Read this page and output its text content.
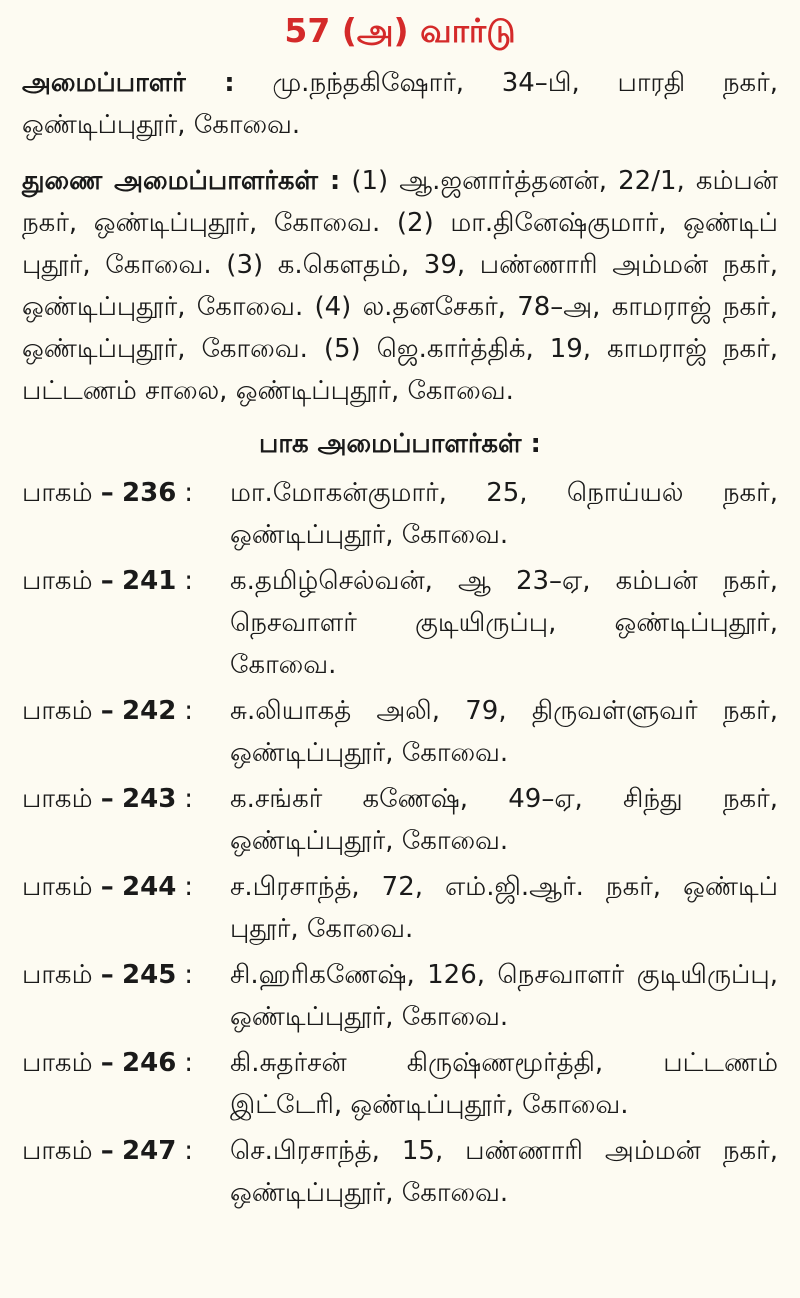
57 (அ) வார்டு

அமைப்பாளர் : மு.நந்தகிஷோர், 34–பி, பாரதி நகர், ஒண்டிப்புதூர், கோவை.

துணை அமைப்பாளர்கள் : (1) ஆ.ஜனார்த்தனன், 22/1, கம்பன் நகர், ஒண்டிப்புதூர், கோவை. (2) மா.தினேஷ்குமார், ஒண்டிப் புதூர், கோவை. (3) க.கௌதம், 39, பண்ணாரி அம்மன் நகர், ஒண்டிப்புதூர், கோவை. (4) ல.தனசேகர், 78–அ, காமராஜ் நகர், ஒண்டிப்புதூர், கோவை. (5) ஜெ.கார்த்திக், 19, காமராஜ் நகர், பட்டணம் சாலை, ஒண்டிப்புதூர், கோவை.

பாக அமைப்பாளர்கள் :
பாகம் – 236 :	மா.மோகன்குமார், 25, நொய்யல் நகர், ஒண்டிப்புதூர், கோவை.
பாகம் – 241 :	க.தமிழ்செல்வன், ஆ 23–ஏ, கம்பன் நகர், நெசவாளர் குடியிருப்பு, ஒண்டிப்புதூர், கோவை.
பாகம் – 242 :	சு.லியாகத் அலி, 79, திருவள்ளுவர் நகர், ஒண்டிப்புதூர், கோவை.
பாகம் – 243 :	க.சங்கர் கணேஷ், 49–ஏ, சிந்து நகர், ஒண்டிப்புதூர், கோவை.
பாகம் – 244 :	ச.பிரசாந்த், 72, எம்.ஜி.ஆர். நகர், ஒண்டிப் புதூர், கோவை.
பாகம் – 245 :	சி.ஹரிகணேஷ், 126, நெசவாளர் குடியிருப்பு, ஒண்டிப்புதூர், கோவை.
பாகம் – 246 :	கி.சுதர்சன் கிருஷ்ணமூர்த்தி, பட்டணம் இட்டேரி, ஒண்டிப்புதூர், கோவை.
பாகம் – 247 :	செ.பிரசாந்த், 15, பண்ணாரி அம்மன் நகர், ஒண்டிப்புதூர், கோவை.
